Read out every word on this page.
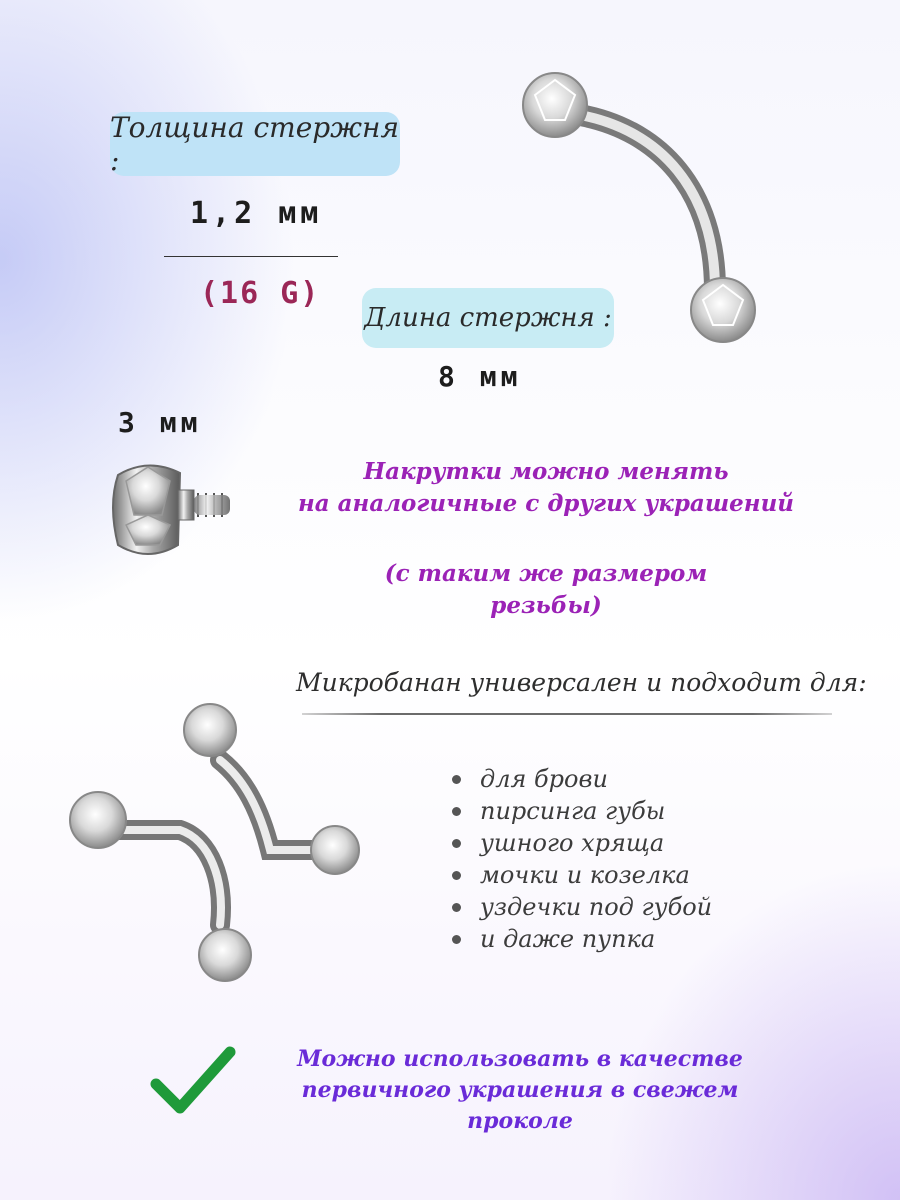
Толщина стержня :
1,2 мм
(16 G)
Длина стержня :
8 мм
3 мм
Накрутки можно менять
на аналогичные с других украшений
(с таким же размером резьбы)
Микробанан универсален и подходит для:
для брови
пирсинга губы
ушного хряща
мочки и козелка
уздечки под губой
и даже пупка
Можно использовать в качестве
первичного украшения в свежем проколе
